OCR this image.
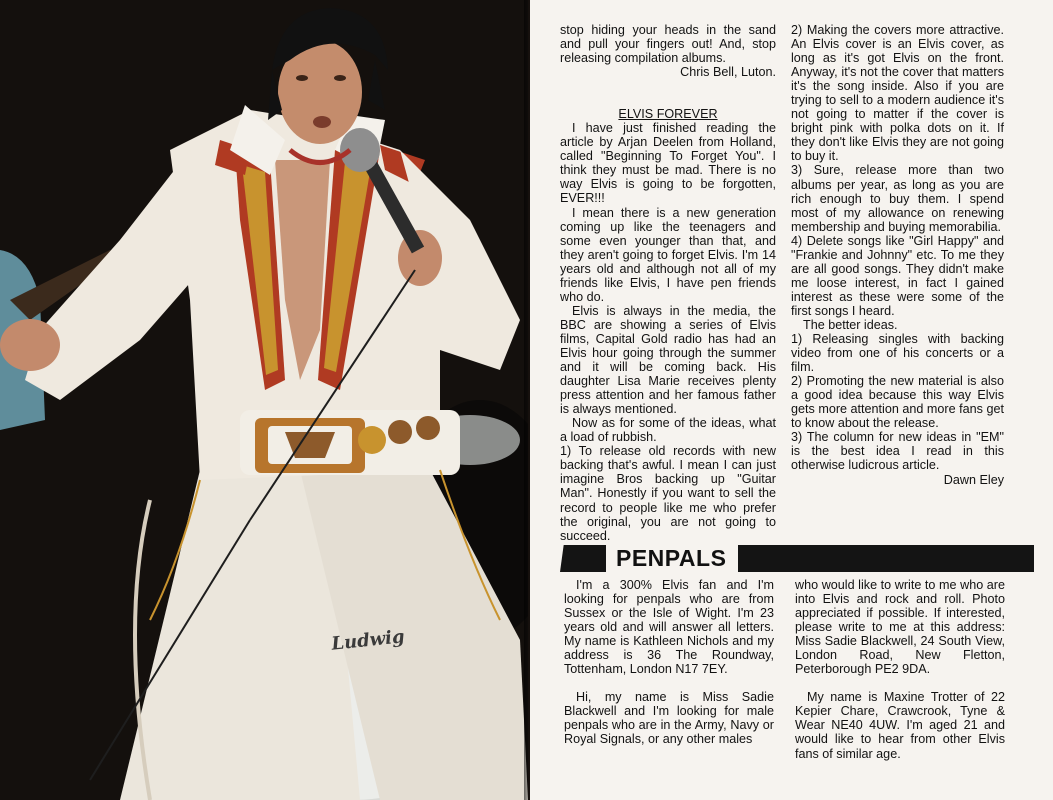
Ludwig

stop hiding your heads in the sand and pull your fingers out! And, stop releasing compilation albums.

Chris Bell, Luton.

ELVIS FOREVER

I have just finished reading the article by Arjan Deelen from Holland, called "Beginning To Forget You". I think they must be mad. There is no way Elvis is going to be forgotten, EVER!!!

I mean there is a new generation coming up like the teenagers and some even younger than that, and they aren't going to forget Elvis. I'm 14 years old and although not all of my friends like Elvis, I have pen friends who do.

Elvis is always in the media, the BBC are showing a series of Elvis films, Capital Gold radio has had an Elvis hour going through the summer and it will be coming back. His daughter Lisa Marie receives plenty press attention and her famous father is always mentioned.

Now as for some of the ideas, what a load of rubbish.

1) To release old records with new backing that's awful. I mean I can just imagine Bros backing up "Guitar Man". Honestly if you want to sell the record to people like me who prefer the original, you are not going to succeed.

2) Making the covers more attractive. An Elvis cover is an Elvis cover, as long as it's got Elvis on the front. Anyway, it's not the cover that matters it's the song inside. Also if you are trying to sell to a modern audience it's not going to matter if the cover is bright pink with polka dots on it. If they don't like Elvis they are not going to buy it.

3) Sure, release more than two albums per year, as long as you are rich enough to buy them. I spend most of my allowance on renewing membership and buying memorabilia.

4) Delete songs like "Girl Happy" and "Frankie and Johnny" etc. To me they are all good songs. They didn't make me loose interest, in fact I gained interest as these were some of the first songs I heard.

The better ideas.

1) Releasing singles with backing video from one of his concerts or a film.

2) Promoting the new material is also a good idea because this way Elvis gets more attention and more fans get to know about the release.

3) The column for new ideas in "EM" is the best idea I read in this otherwise ludicrous article.

Dawn Eley

PENPALS

I'm a 300% Elvis fan and I'm looking for penpals who are from Sussex or the Isle of Wight. I'm 23 years old and will answer all letters. My name is Kathleen Nichols and my address is 36 The Roundway, Tottenham, London N17 7EY.

Hi, my name is Miss Sadie Blackwell and I'm looking for male penpals who are in the Army, Navy or Royal Signals, or any other males

who would like to write to me who are into Elvis and rock and roll. Photo appreciated if possible. If interested, please write to me at this address: Miss Sadie Blackwell, 24 South View, London Road, New Fletton, Peterborough PE2 9DA.

My name is Maxine Trotter of 22 Kepier Chare, Crawcrook, Tyne & Wear NE40 4UW. I'm aged 21 and would like to hear from other Elvis fans of similar age.
